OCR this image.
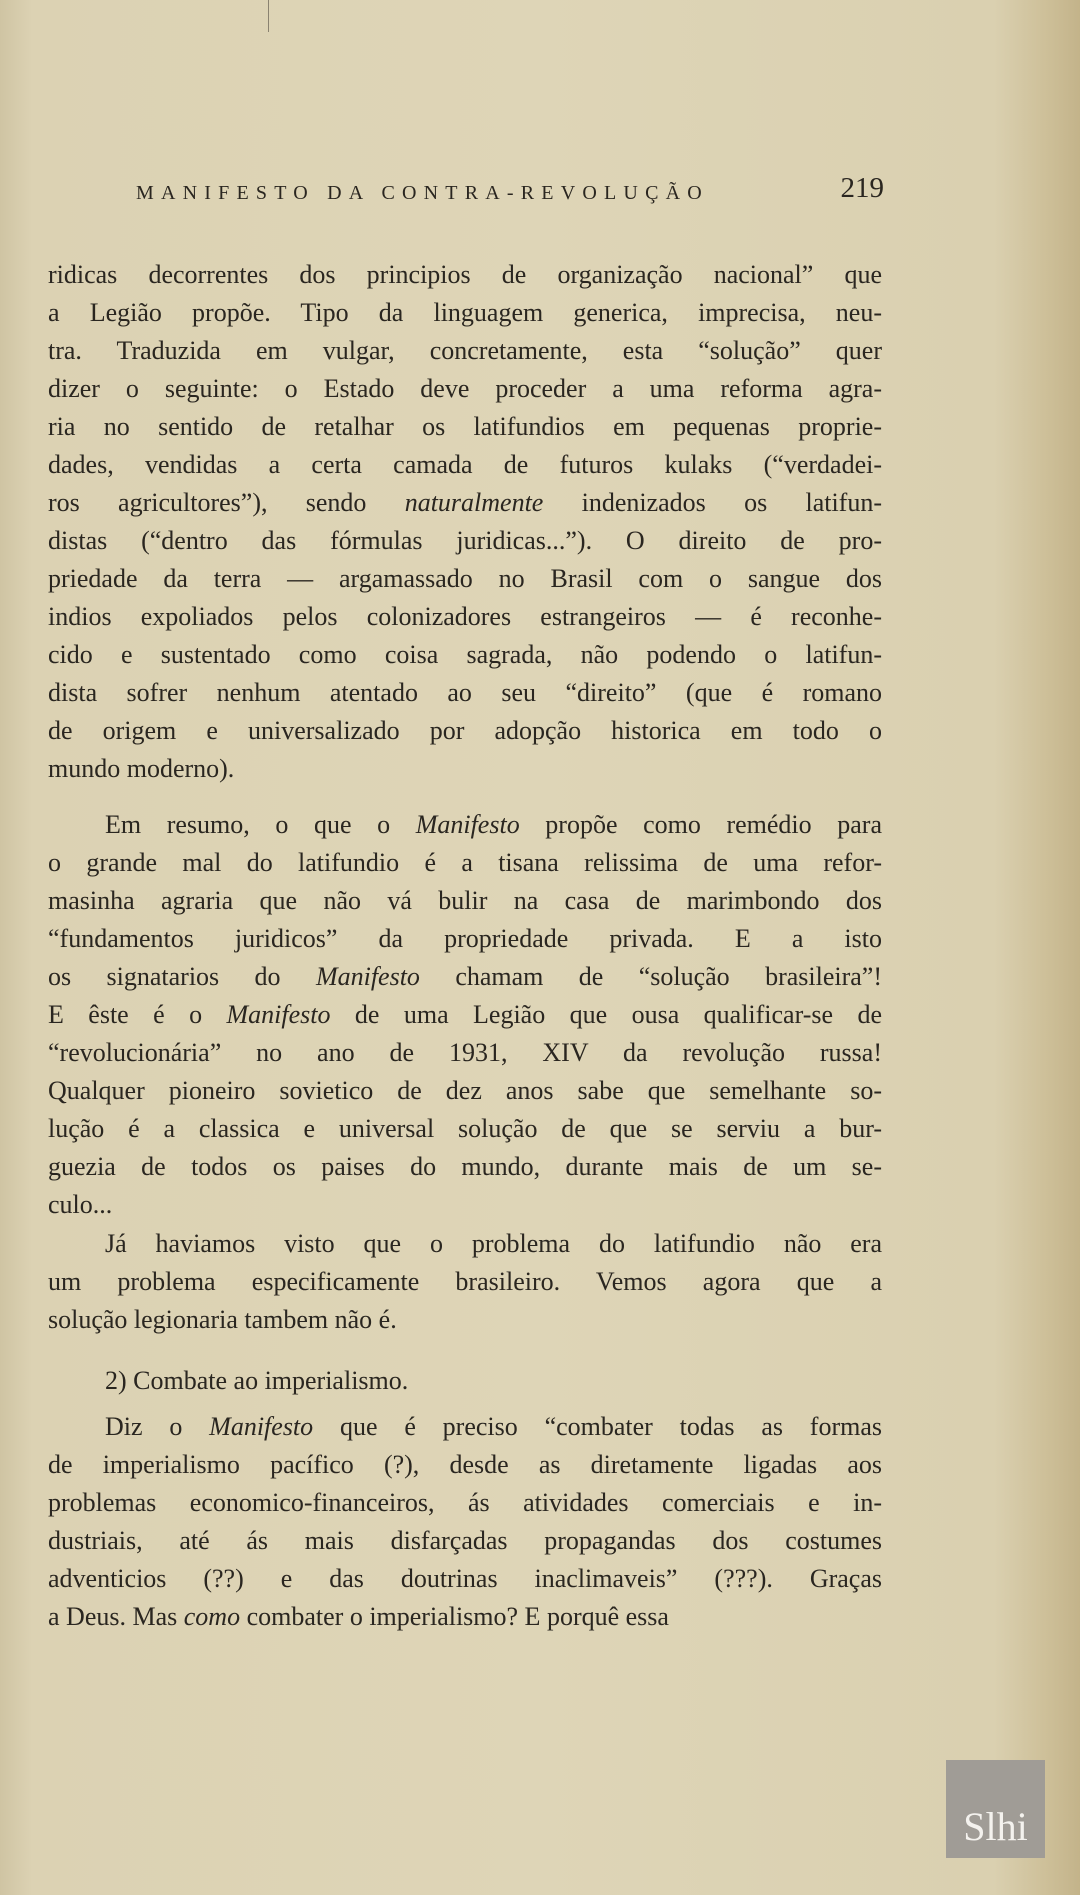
MANIFESTO DA CONTRA-REVOLUÇÃO	219
ridicas decorrentes dos principios de organização nacional” que
a Legião propõe. Tipo da linguagem generica, imprecisa, neu-
tra. Traduzida em vulgar, concretamente, esta “solução” quer
dizer o seguinte: o Estado deve proceder a uma reforma agra-
ria no sentido de retalhar os latifundios em pequenas proprie-
dades, vendidas a certa camada de futuros kulaks (“verdadei-
ros agricultores”), sendo naturalmente indenizados os latifun-
distas (“dentro das fórmulas juridicas...”). O direito de pro-
priedade da terra — argamassado no Brasil com o sangue dos
indios expoliados pelos colonizadores estrangeiros — é reconhe-
cido e sustentado como coisa sagrada, não podendo o latifun-
dista sofrer nenhum atentado ao seu “direito” (que é romano
de origem e universalizado por adopção historica em todo o
mundo moderno).
Em resumo, o que o Manifesto propõe como remédio para
o grande mal do latifundio é a tisana relissima de uma refor-
masinha agraria que não vá bulir na casa de marimbondo dos
“fundamentos juridicos” da propriedade privada. E a isto
os signatarios do Manifesto chamam de “solução brasileira”!
E êste é o Manifesto de uma Legião que ousa qualificar-se de
“revolucionária” no ano de 1931, XIV da revolução russa!
Qualquer pioneiro sovietico de dez anos sabe que semelhante so-
lução é a classica e universal solução de que se serviu a bur-
guezia de todos os paises do mundo, durante mais de um se-
culo...
Já haviamos visto que o problema do latifundio não era
um problema especificamente brasileiro. Vemos agora que a
solução legionaria tambem não é.
2) Combate ao imperialismo.
Diz o Manifesto que é preciso “combater todas as formas
de imperialismo pacífico (?), desde as diretamente ligadas aos
problemas economico-financeiros, ás atividades comerciais e in-
dustriais, até ás mais disfarçadas propagandas dos costumes
adventicios (??) e das doutrinas inaclimaveis” (???). Graças
a Deus. Mas como combater o imperialismo? E porquê essa
Slhi
